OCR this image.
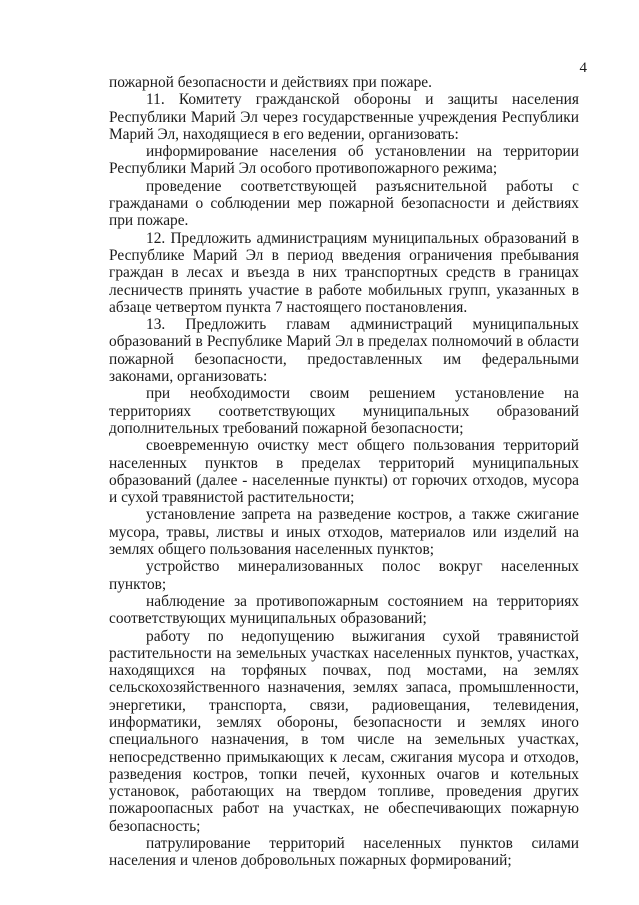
4

пожарной безопасности и действиях при пожаре.

11. Комитету гражданской обороны и защиты населения Республики Марий Эл через государственные учреждения Республики Марий Эл, находящиеся в его ведении, организовать:

информирование населения об установлении на территории Республики Марий Эл особого противопожарного режима;

проведение соответствующей разъяснительной работы с гражданами о соблюдении мер пожарной безопасности и действиях при пожаре.

12. Предложить администрациям муниципальных образований в Республике Марий Эл в период введения ограничения пребывания граждан в лесах и въезда в них транспортных средств в границах лесничеств принять участие в работе мобильных групп, указанных в абзаце четвертом пункта 7 настоящего постановления.

13. Предложить главам администраций муниципальных образований в Республике Марий Эл в пределах полномочий в области пожарной безопасности, предоставленных им федеральными законами, организовать:

при необходимости своим решением установление на территориях соответствующих муниципальных образований дополнительных требований пожарной безопасности;

своевременную очистку мест общего пользования территорий населенных пунктов в пределах территорий муниципальных образований (далее - населенные пункты) от горючих отходов, мусора и сухой травянистой растительности;

установление запрета на разведение костров, а также сжигание мусора, травы, листвы и иных отходов, материалов или изделий на землях общего пользования населенных пунктов;

устройство минерализованных полос вокруг населенных пунктов;

наблюдение за противопожарным состоянием на территориях соответствующих муниципальных образований;

работу по недопущению выжигания сухой травянистой растительности на земельных участках населенных пунктов, участках, находящихся на торфяных почвах, под мостами, на землях сельскохозяйственного назначения, землях запаса, промышленности, энергетики, транспорта, связи, радиовещания, телевидения, информатики, землях обороны, безопасности и землях иного специального назначения, в том числе на земельных участках, непосредственно примыкающих к лесам, сжигания мусора и отходов, разведения костров, топки печей, кухонных очагов и котельных установок, работающих на твердом топливе, проведения других пожароопасных работ на участках, не обеспечивающих пожарную безопасность;

патрулирование территорий населенных пунктов силами населения и членов добровольных пожарных формирований;
